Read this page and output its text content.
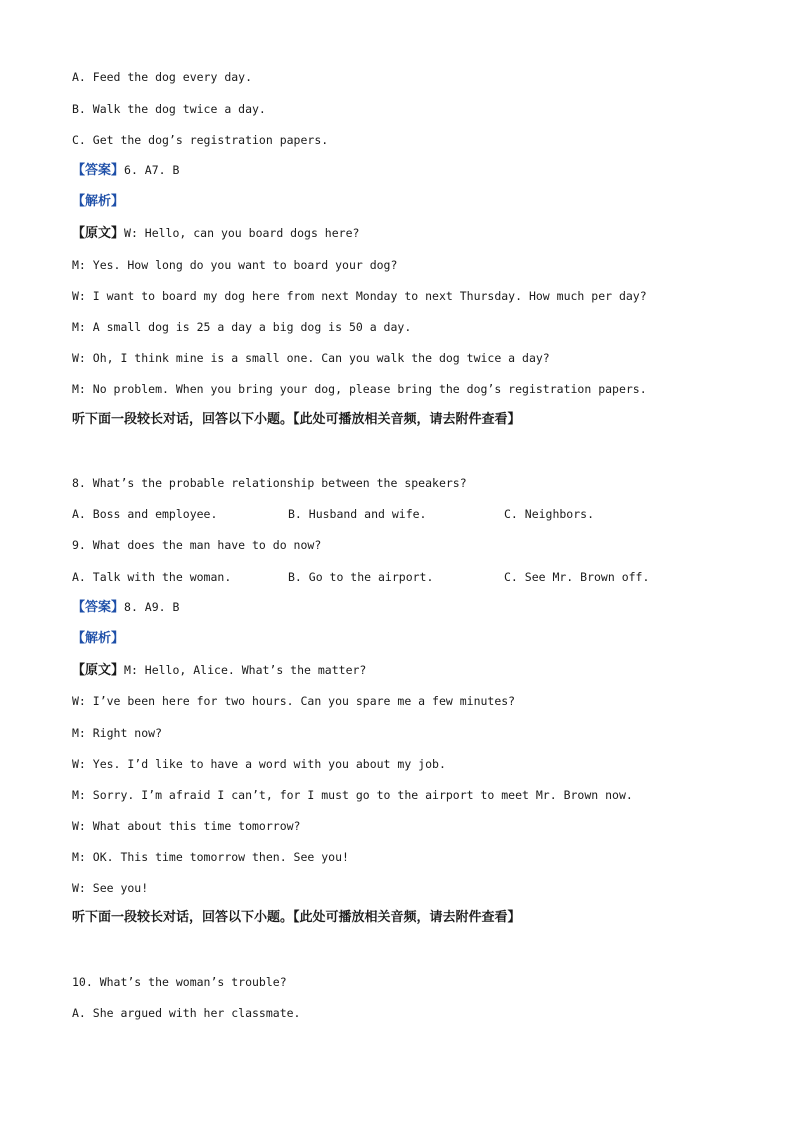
A. Feed the dog every day.
B. Walk the dog twice a day.
C. Get the dog’s registration papers.
【答案】6. A7. B
【解析】
【原文】W: Hello, can you board dogs here?
M: Yes. How long do you want to board your dog?
W: I want to board my dog here from next Monday to next Thursday. How much per day?
M: A small dog is 25 a day a big dog is 50 a day.
W: Oh, I think mine is a small one. Can you walk the dog twice a day?
M: No problem. When you bring your dog, please bring the dog’s registration papers.
听下面一段较长对话，回答以下小题。【此处可播放相关音频，请去附件查看】
8. What’s the probable relationship between the speakers?

A. Boss and employee.

	B. Husband and wife.

	C. Neighbors.

9. What does the man have to do now?

A. Talk with the woman.

	B. Go to the airport.

	C. See Mr. Brown off.

【答案】8. A9. B
【解析】
【原文】M: Hello, Alice. What’s the matter?
W: I’ve been here for two hours. Can you spare me a few minutes?
M: Right now?
W: Yes. I’d like to have a word with you about my job.
M: Sorry. I’m afraid I can’t, for I must go to the airport to meet Mr. Brown now.
W: What about this time tomorrow?
M: OK. This time tomorrow then. See you!
W: See you!
听下面一段较长对话，回答以下小题。【此处可播放相关音频，请去附件查看】
10. What’s the woman’s trouble?
A. She argued with her classmate.
